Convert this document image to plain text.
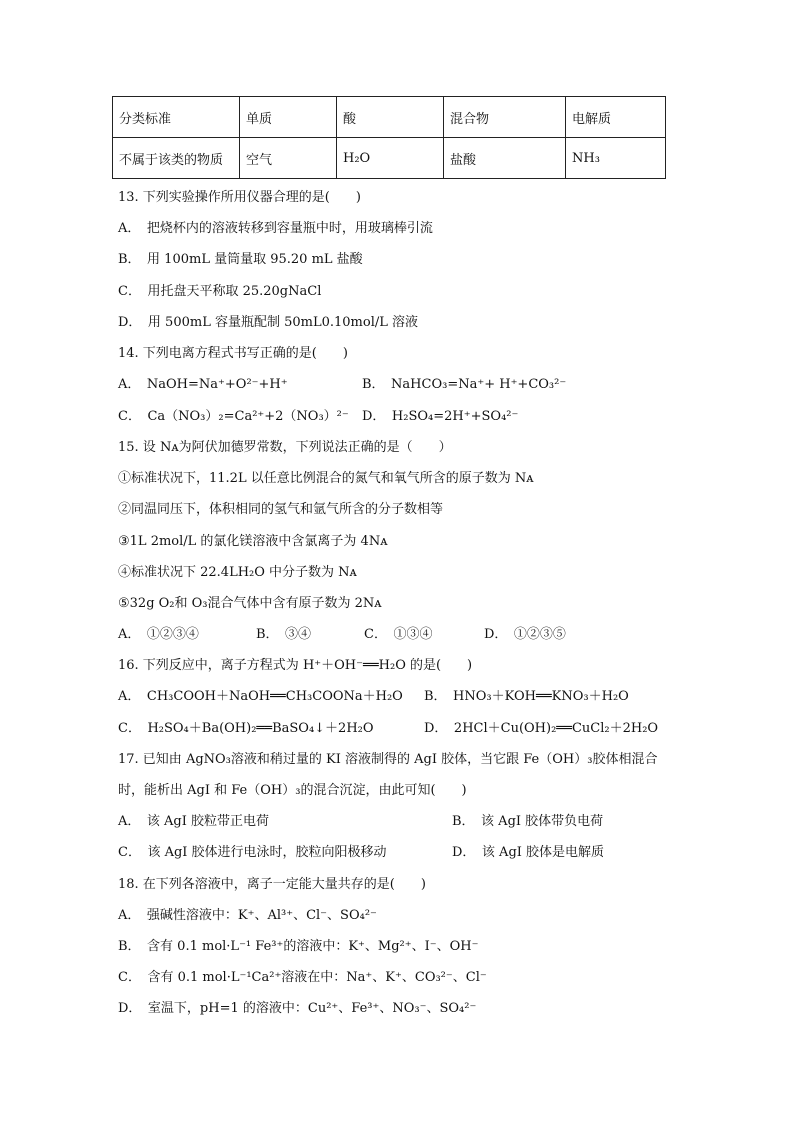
分类标准	单质	酸	混合物	电解质
不属于该类的物质	空气	H₂O	盐酸	NH₃
13. 下列实验操作所用仪器合理的是(　　)
A．　把烧杯内的溶液转移到容量瓶中时，用玻璃棒引流
B．　用 100mL 量筒量取 95.20 mL 盐酸
C．　用托盘天平称取 25.20gNaCl
D．　用 500mL 容量瓶配制 50mL0.10mol/L 溶液
14. 下列电离方程式书写正确的是(　　)
A．　NaOH=Na⁺+O²⁻+H⁺	B．　NaHCO₃=Na⁺+ H⁺+CO₃²⁻
C．　Ca（NO₃）₂=Ca²⁺+2（NO₃）²⁻ D．　H₂SO₄=2H⁺+SO₄²⁻
15. 设 Nᴀ为阿伏加德罗常数，下列说法正确的是（　　）
①标准状况下，11.2L 以任意比例混合的氮气和氧气所含的原子数为 Nᴀ
②同温同压下，体积相同的氢气和氩气所含的分子数相等
③1L 2mol/L 的氯化镁溶液中含氯离子为 4Nᴀ
④标准状况下 22.4LH₂O 中分子数为 Nᴀ
⑤32g O₂和 O₃混合气体中含有原子数为 2Nᴀ
A．　①②③④	B．　③④	C．　①③④	D．　①②③⑤
16. 下列反应中，离子方程式为 H⁺＋OH⁻══H₂O 的是(　　)
A．　CH₃COOH＋NaOH══CH₃COONa＋H₂O B．　HNO₃＋KOH══KNO₃＋H₂O
C．　H₂SO₄＋Ba(OH)₂══BaSO₄↓＋2H₂O	D．　2HCl＋Cu(OH)₂══CuCl₂＋2H₂O
17. 已知由 AgNO₃溶液和稍过量的 KI 溶液制得的 AgI 胶体，当它跟 Fe（OH）₃胶体相混合
时，能析出 AgI 和 Fe（OH）₃的混合沉淀，由此可知(　　)
A．　该 AgI 胶粒带正电荷	B．　该 AgI 胶体带负电荷
C．　该 AgI 胶体进行电泳时，胶粒向阳极移动	D．　该 AgI 胶体是电解质
18. 在下列各溶液中，离子一定能大量共存的是(　　)
A．　强碱性溶液中：K⁺、Al³⁺、Cl⁻、SO₄²⁻
B．　含有 0.1 mol·L⁻¹ Fe³⁺的溶液中：K⁺、Mg²⁺、I⁻、OH⁻
C．　含有 0.1 mol·L⁻¹Ca²⁺溶液在中：Na⁺、K⁺、CO₃²⁻、Cl⁻
D．　室温下，pH=1 的溶液中：Cu²⁺、Fe³⁺、NO₃⁻、SO₄²⁻
